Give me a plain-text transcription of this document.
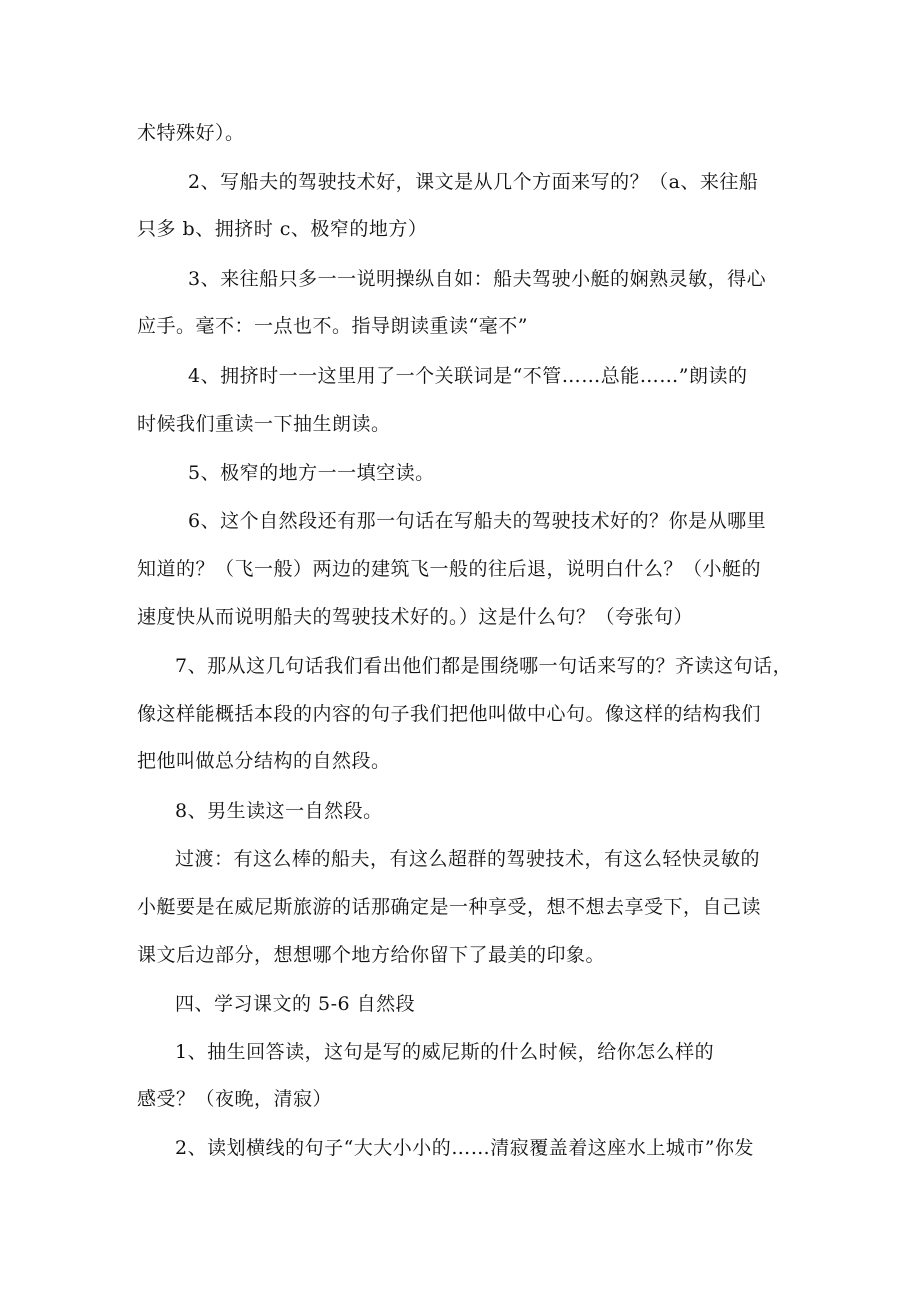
术特殊好）。
2、写船夫的驾驶技术好，课文是从几个方面来写的？（a、来往船
只多 b、拥挤时 c、极窄的地方）
3、来往船只多一一说明操纵自如：船夫驾驶小艇的娴熟灵敏，得心
应手。毫不：一点也不。指导朗读重读“毫不”
4、拥挤时一一这里用了一个关联词是“不管……总能……”朗读的
时候我们重读一下抽生朗读。
5、极窄的地方一一填空读。
6、这个自然段还有那一句话在写船夫的驾驶技术好的？你是从哪里
知道的？（飞一般）两边的建筑飞一般的往后退，说明白什么？（小艇的
速度快从而说明船夫的驾驶技术好的。）这是什么句？（夸张句）
7、那从这几句话我们看出他们都是围绕哪一句话来写的？齐读这句话，
像这样能概括本段的内容的句子我们把他叫做中心句。像这样的结构我们
把他叫做总分结构的自然段。
8、男生读这一自然段。
过渡：有这么棒的船夫，有这么超群的驾驶技术，有这么轻快灵敏的
小艇要是在威尼斯旅游的话那确定是一种享受，想不想去享受下，自己读
课文后边部分，想想哪个地方给你留下了最美的印象。
四、学习课文的 5-6 自然段
1、抽生回答读，这句是写的威尼斯的什么时候，给你怎么样的
感受？（夜晚，清寂）
2、读划横线的句子“大大小小的……清寂覆盖着这座水上城市”你发
